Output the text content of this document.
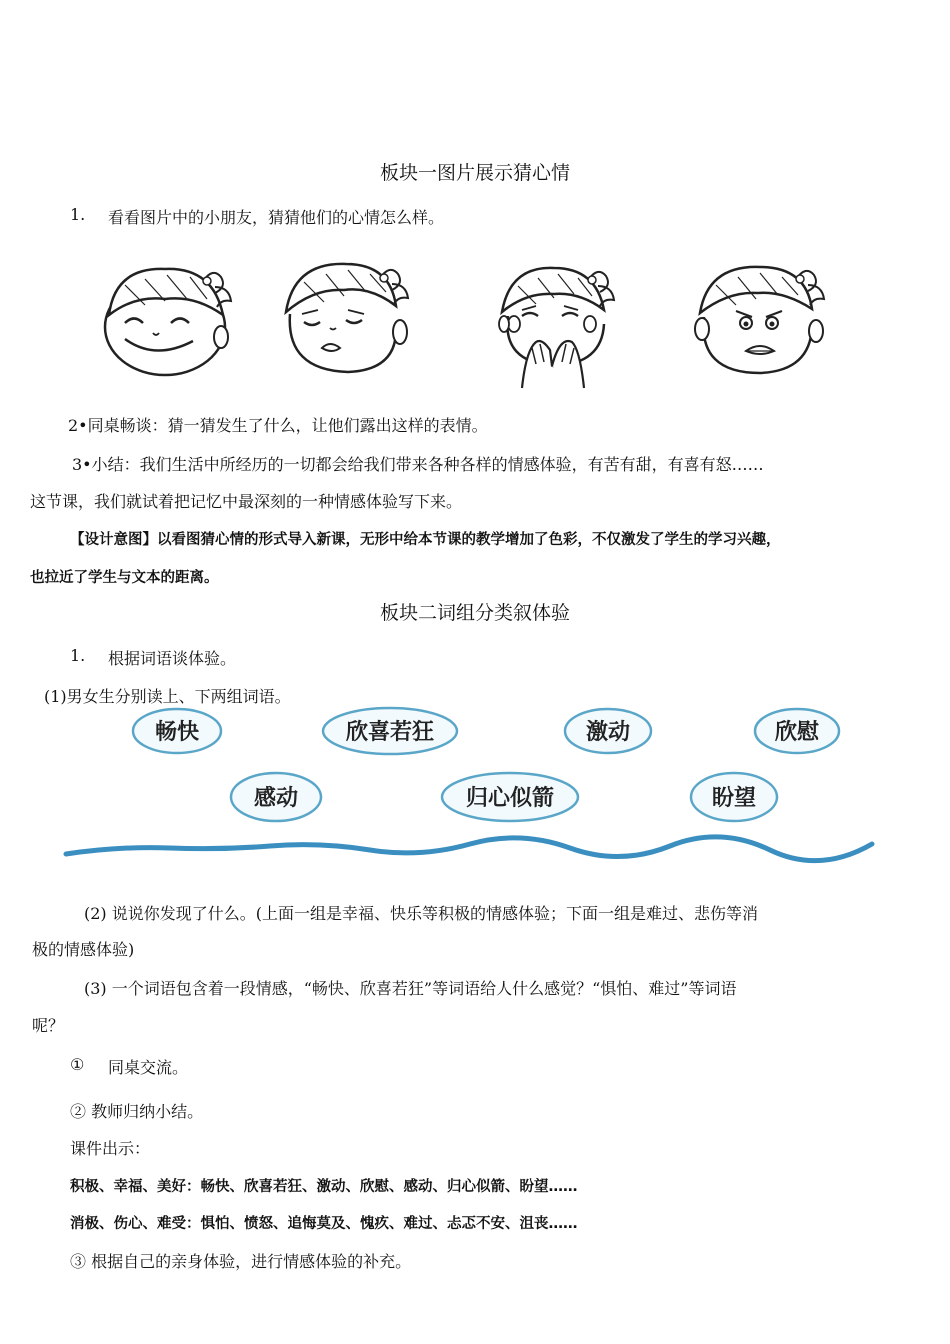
板块一图片展示猜心情
1. 看看图片中的小朋友，猜猜他们的心情怎么样。
2•同桌畅谈：猜一猜发生了什么，让他们露出这样的表情。
3•小结：我们生活中所经历的一切都会给我们带来各种各样的情感体验，有苦有甜，有喜有怒……
这节课，我们就试着把记忆中最深刻的一种情感体验写下来。
【设计意图】以看图猜心情的形式导入新课，无形中给本节课的教学增加了色彩，不仅激发了学生的学习兴趣，
也拉近了学生与文本的距离。
板块二词组分类叙体验
1. 根据词语谈体验。
(1)男女生分别读上、下两组词语。
畅快	欣喜若狂	激动	欣慰
感动	归心似箭	盼望
(2) 说说你发现了什么。(上面一组是幸福、快乐等积极的情感体验；下面一组是难过、悲伤等消
极的情感体验)
(3) 一个词语包含着一段情感，“畅快、欣喜若狂”等词语给人什么感觉？“惧怕、难过”等词语
呢？
① 同桌交流。
② 教师归纳小结。
课件出示：
积极、幸福、美好：畅快、欣喜若狂、激动、欣慰、感动、归心似箭、盼望……
消极、伤心、难受：惧怕、愤怒、追悔莫及、愧疚、难过、忐忑不安、沮丧……
③ 根据自己的亲身体验，进行情感体验的补充。
